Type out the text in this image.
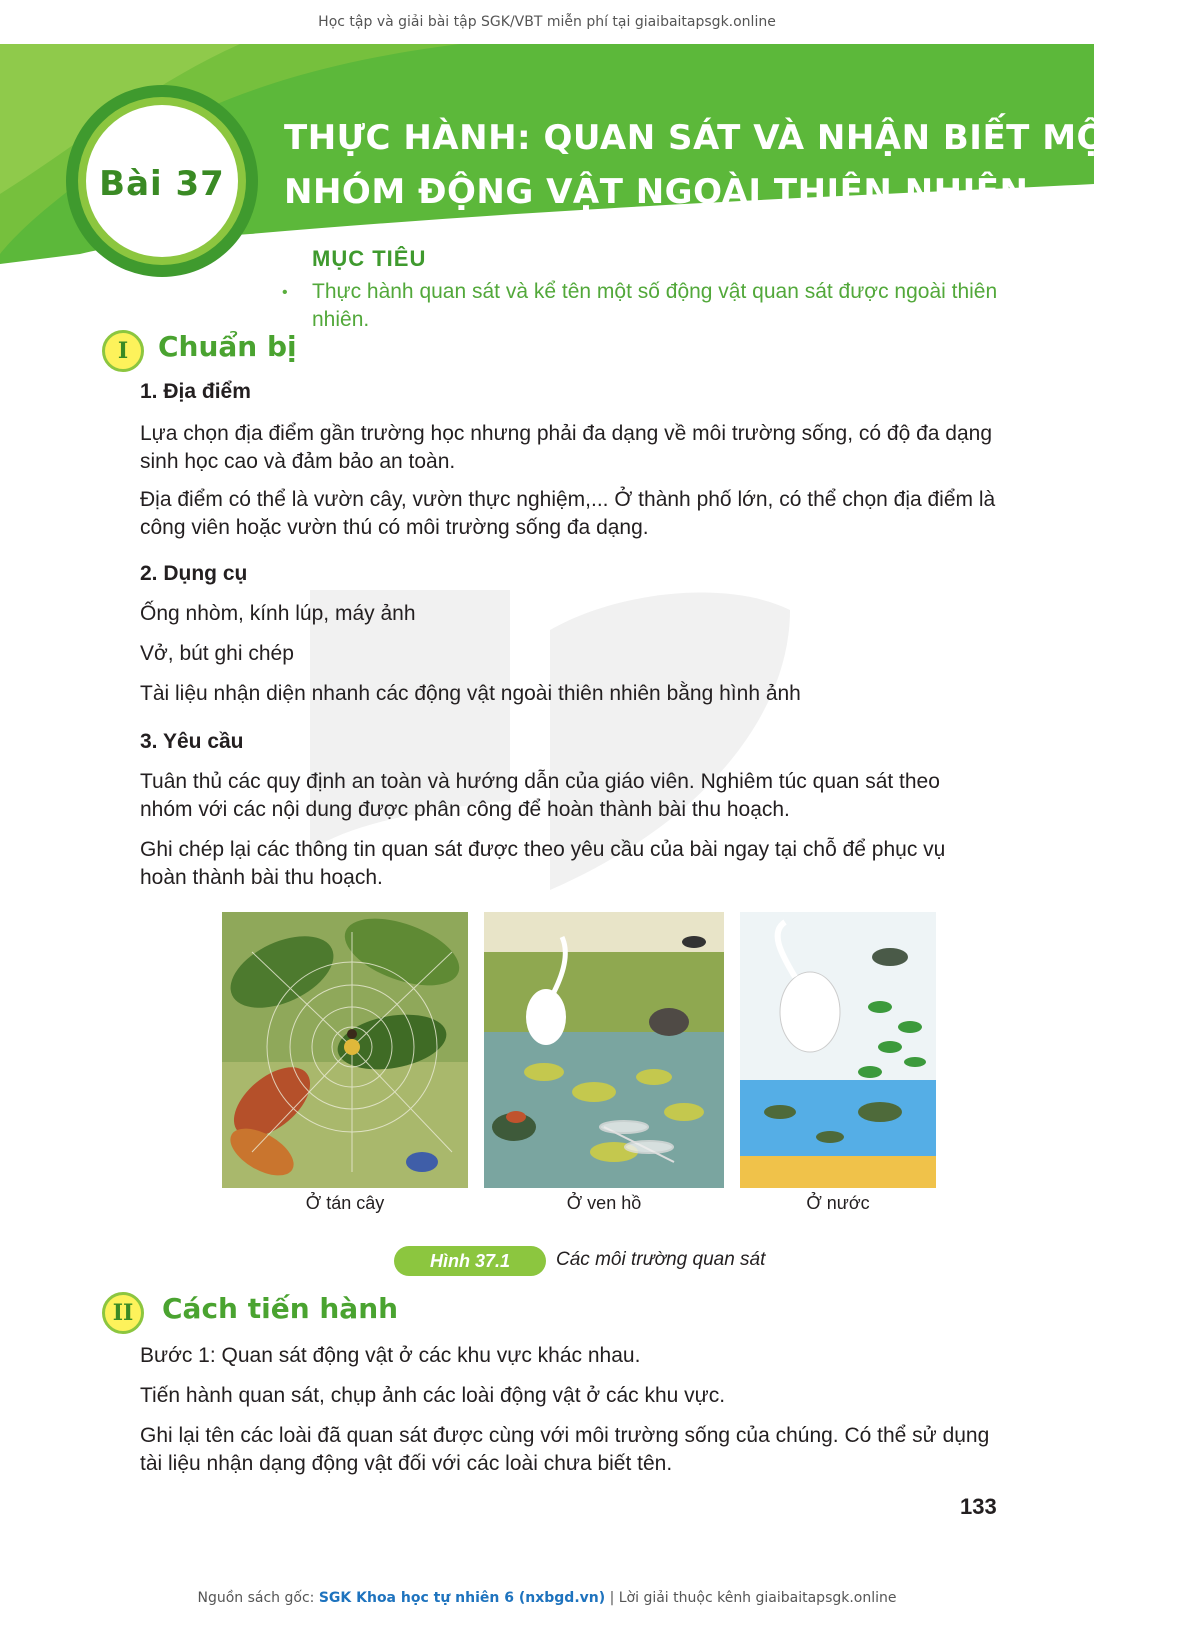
Học tập và giải bài tập SGK/VBT miễn phí tại giaibaitapsgk.online
Bài 37
THỰC HÀNH: QUAN SÁT VÀ NHẬN BIẾT MỘT SỐ
NHÓM ĐỘNG VẬT NGOÀI THIÊN NHIÊN
MỤC TIÊU
• Thực hành quan sát và kể tên một số động vật quan sát được ngoài thiên nhiên.
I	Chuẩn bị
1. Địa điểm
Lựa chọn địa điểm gần trường học nhưng phải đa dạng về môi trường sống, có độ đa dạng sinh học cao và đảm bảo an toàn.
Địa điểm có thể là vườn cây, vườn thực nghiệm,... Ở thành phố lớn, có thể chọn địa điểm là công viên hoặc vườn thú có môi trường sống đa dạng.
2. Dụng cụ
Ống nhòm, kính lúp, máy ảnh
Vở, bút ghi chép
Tài liệu nhận diện nhanh các động vật ngoài thiên nhiên bằng hình ảnh
3. Yêu cầu
Tuân thủ các quy định an toàn và hướng dẫn của giáo viên. Nghiêm túc quan sát theo nhóm với các nội dung được phân công để hoàn thành bài thu hoạch.
Ghi chép lại các thông tin quan sát được theo yêu cầu của bài ngay tại chỗ để phục vụ hoàn thành bài thu hoạch.
Ở tán cây	Ở ven hồ	Ở nước
Hình 37.1	Các môi trường quan sát
II	Cách tiến hành
Bước 1: Quan sát động vật ở các khu vực khác nhau.
Tiến hành quan sát, chụp ảnh các loài động vật ở các khu vực.
Ghi lại tên các loài đã quan sát được cùng với môi trường sống của chúng. Có thể sử dụng tài liệu nhận dạng động vật đối với các loài chưa biết tên.
133
Nguồn sách gốc: SGK Khoa học tự nhiên 6 (nxbgd.vn) | Lời giải thuộc kênh giaibaitapsgk.online
